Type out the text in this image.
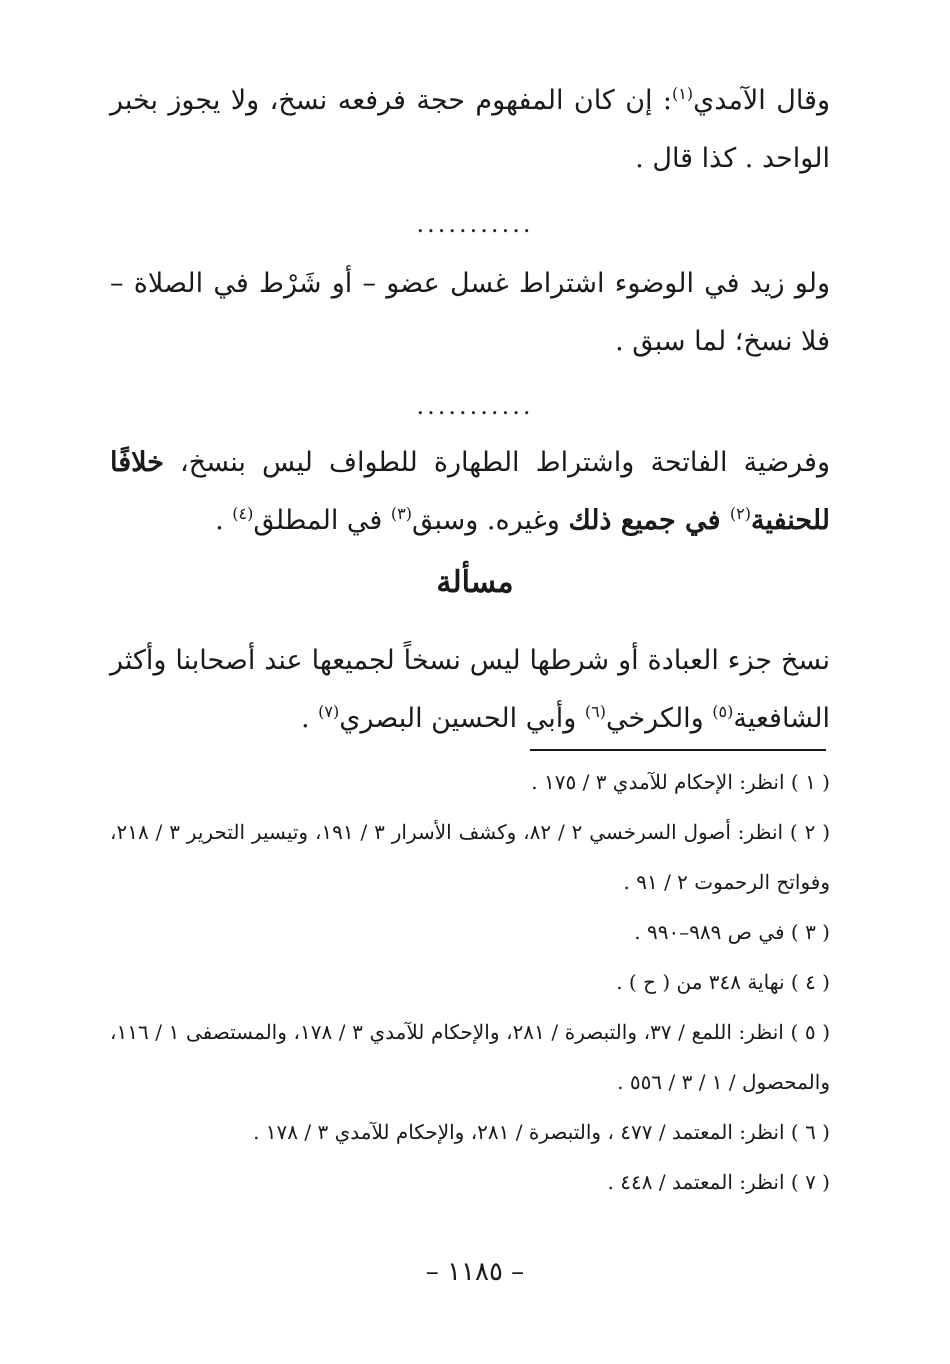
وقال الآمدي$^{(١)}$: إن كان المفهوم حجة فرفعه نسخ، ولا يجوز بخبر الواحد . كذا قال .
...........
ولو زيد في الوضوء اشتراط غسل عضو – أو شَرْط في الصلاة – فلا نسخ؛ لما سبق .
...........
وفرضية الفاتحة واشتراط الطهارة للطواف ليس بنسخ، خلافًا للحنفية$^{(٢)}$ في جميع ذلك وغيره. وسبق$^{(٣)}$ في المطلق$^{(٤)}$ .
مسألة
نسخ جزء العبادة أو شرطها ليس نسخاً لجميعها عند أصحابنا وأكثر الشافعية$^{(٥)}$ والكرخي$^{(٦)}$ وأبي الحسين البصري$^{(٧)}$ .
( ١ ) انظر: الإحكام للآمدي ٣ / ١٧٥ .
( ٢ ) انظر: أصول السرخسي ٢ / ٨٢، وكشف الأسرار ٣ / ١٩١، وتيسير التحرير ٣ / ٢١٨، وفواتح الرحموت ٢ / ٩١ .
( ٣ ) في ص ٩٨٩–٩٩٠ .
( ٤ ) نهاية ٣٤٨ من ( ح ) .
( ٥ ) انظر: اللمع / ٣٧، والتبصرة / ٢٨١، والإحكام للآمدي ٣ / ١٧٨، والمستصفى ١ / ١١٦، والمحصول / ١ / ٣ / ٥٥٦ .
( ٦ ) انظر: المعتمد / ٤٧٧ ، والتبصرة / ٢٨١، والإحكام للآمدي ٣ / ١٧٨ .
( ٧ ) انظر: المعتمد / ٤٤٨ .
– ١١٨٥ –
